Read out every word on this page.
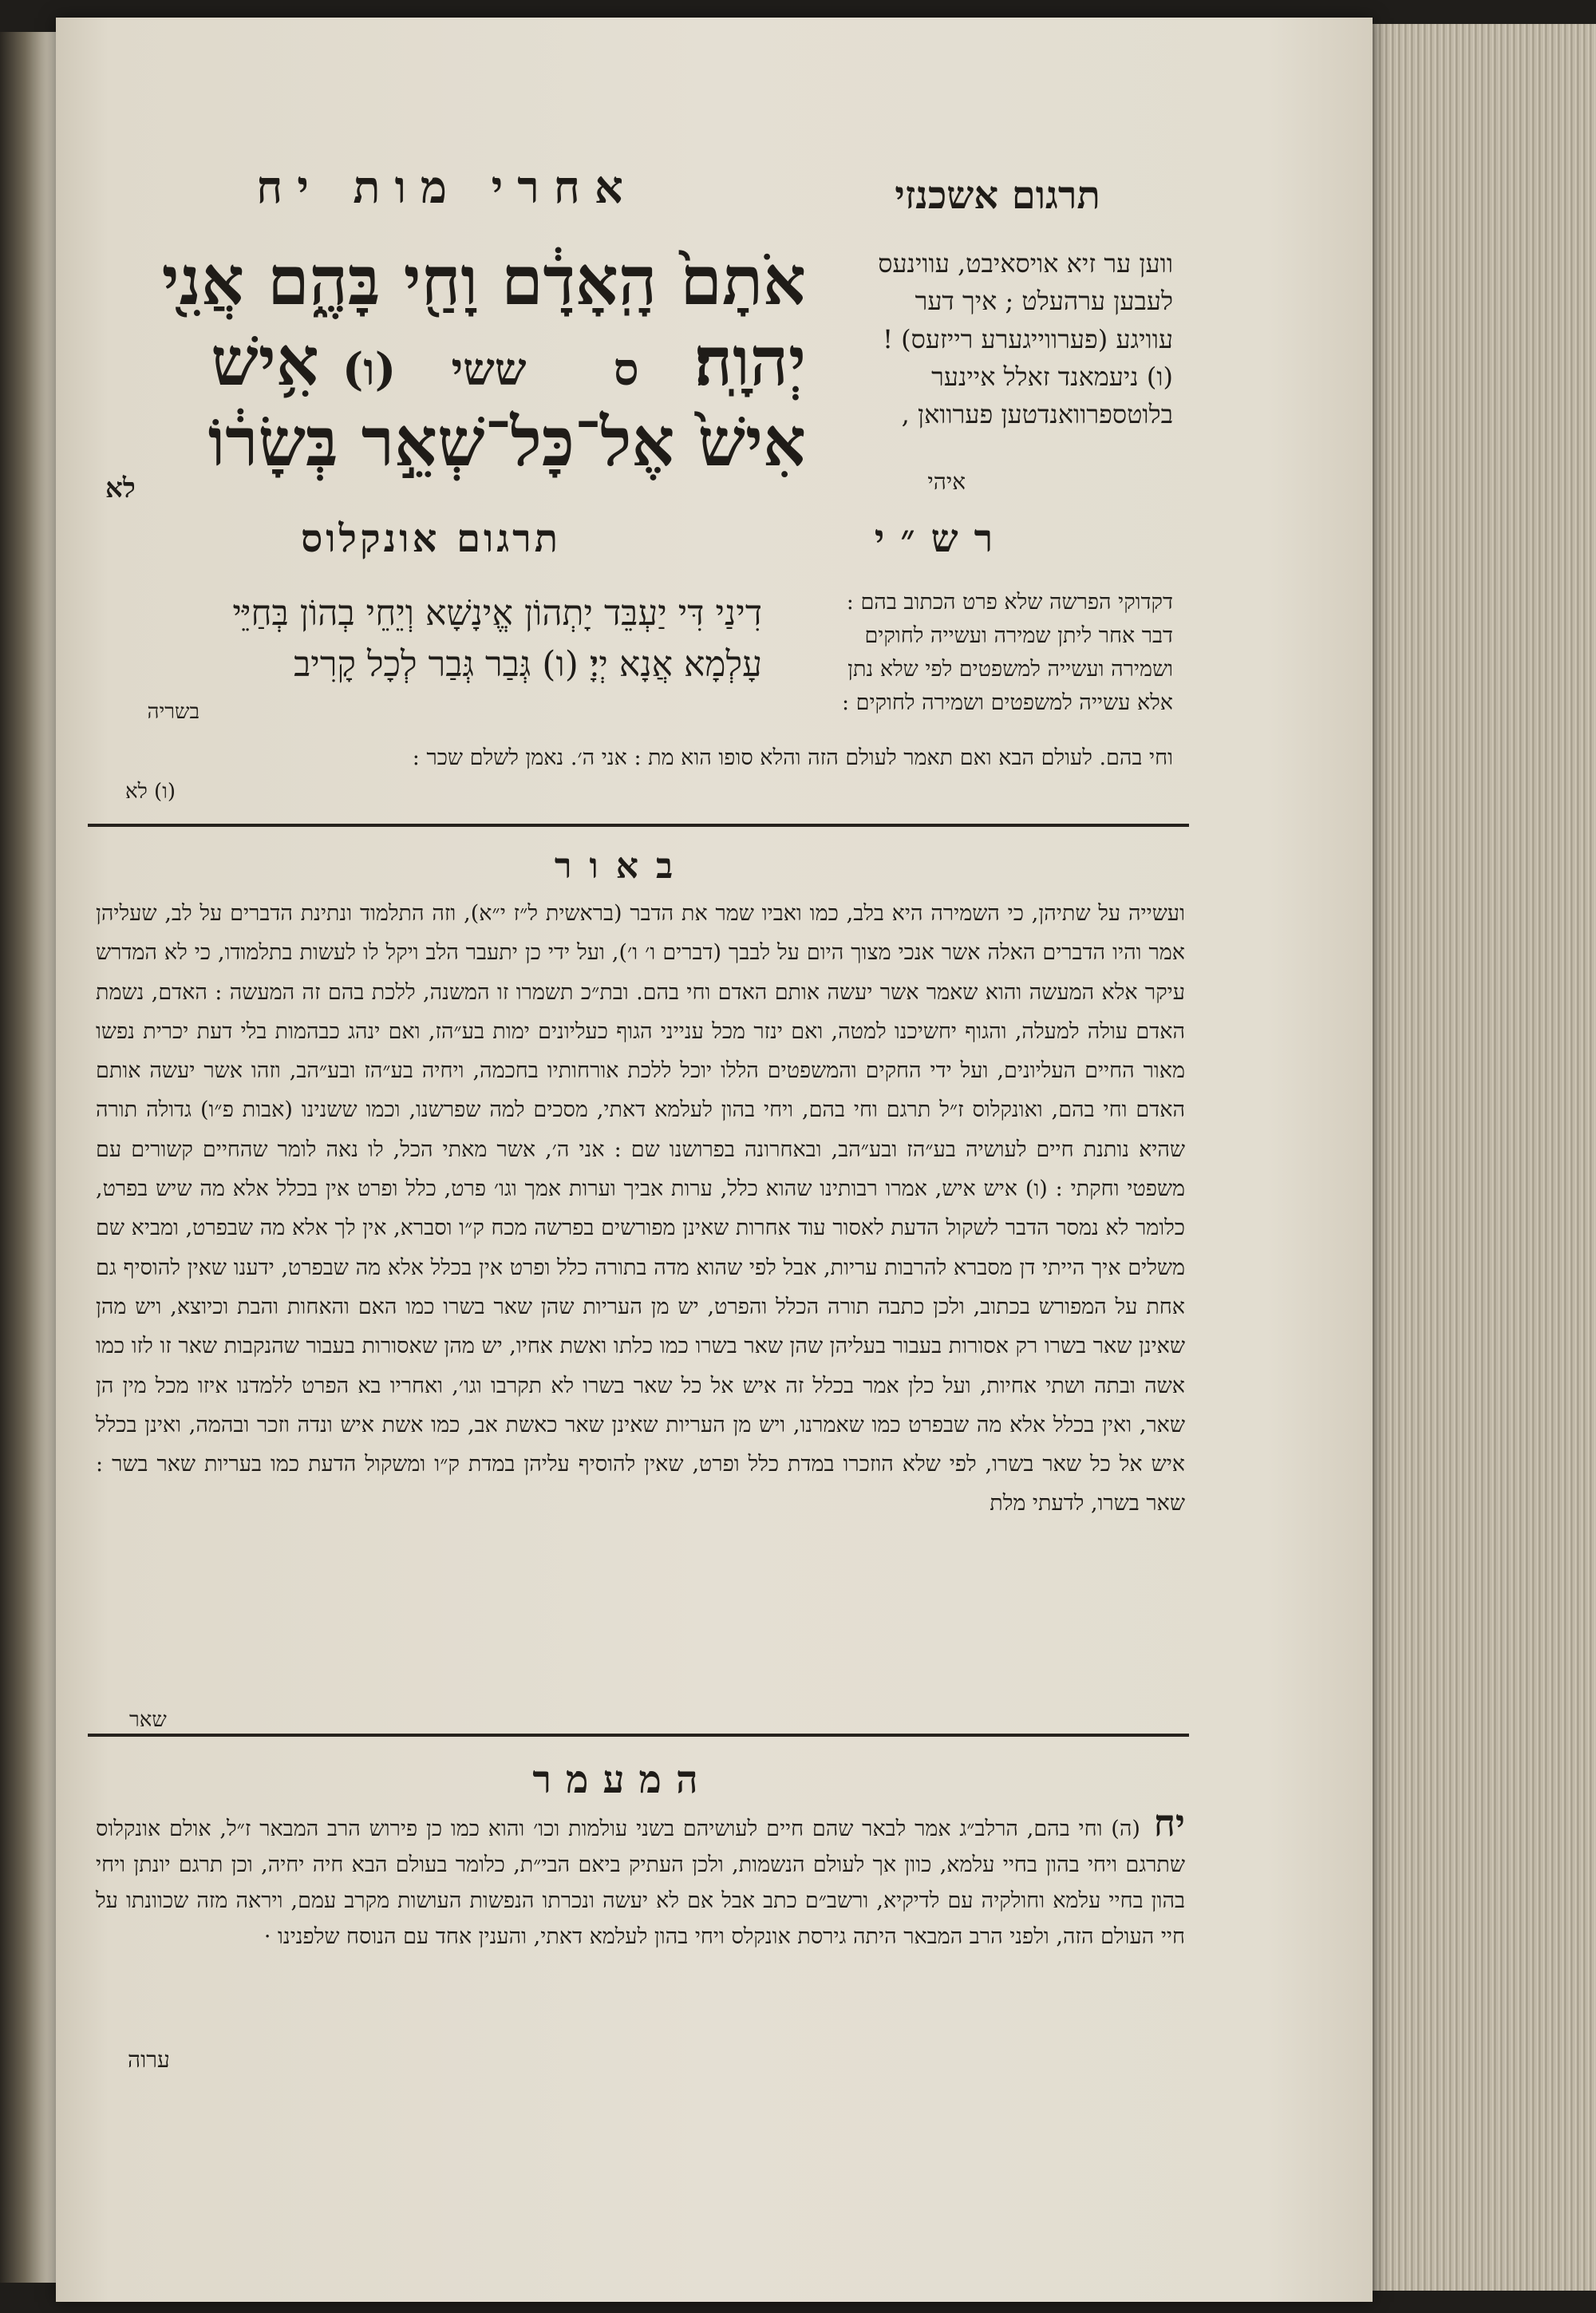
אחרי מות יח	תרגום אשכנזי
אֹתָם֙ הָֽאָדָ֔ם וָחַ֖י בָּהֶ֑ם אֲנִ֖י
יְהוָֽה׃ ס ששי (ו) אִ֥ישׁ
אִישׁ֙ אֶל־כָּל־שְׁאֵ֣ר בְּשָׂר֔וֹ
לא
ווען ער זיא אויסאיבט, עווינעס
לעבען ערהעלט ; איך דער
עוויגע (פערווייגערע רייזעס) !
(ו) ניעמאנד זאלל איינער
בלוטספרוואנדטען פערוואן ,
איהי
תרגום אונקלוס	רש״י
דִינַי דִּי יַעְבֵּד יָתְהוֹן אֱינָשָׁא וְיֵחֵי בְהוֹן בְּחַיֵּי
עָלְמָא אֲנָא יְיָ׃ (ו) גְּבַר גְּבַר לְכָל קָרִיב
בשריה
דקדוקי הפרשה שלא פרט הכתוב בהם :
דבר אחר ליתן שמירה ועשייה לחוקים
ושמירה ועשייה למשפטים לפי שלא נתן
אלא עשייה למשפטים ושמירה לחוקים :
וחי בהם. לעולם הבא ואם תאמר לעולם הזה והלא סופו הוא מת : אני ה׳. נאמן לשלם שכר :
(ו) לא
באור
ועשייה על שתיהן, כי השמירה היא בלב, כמו ואביו שמר את הדבר (בראשית ל״ז י״א), וזה התלמוד ונתינת הדברים על לב, שעליהן אמר והיו הדברים האלה אשר אנכי מצוך היום על לבבך (דברים ו׳ ו׳), ועל ידי כן יתעבר הלב ויקל לו לעשות בתלמודו, כי לא המדרש עיקר אלא המעשה והוא שאמר אשר יעשה אותם האדם וחי בהם. ובת״כ תשמרו זו המשנה, ללכת בהם זה המעשה : האדם, נשמת האדם עולה למעלה, והגוף יחשיכנו למטה, ואם ינזר מכל ענייני הגוף כעליונים ימות בע״הז, ואם ינהג כבהמות בלי דעת יכרית נפשו מאור החיים העליונים, ועל ידי החקים והמשפטים הללו יוכל ללכת אורחותיו בחכמה, ויחיה בע״הז ובע״הב, וזהו אשר יעשה אותם האדם וחי בהם, ואונקלוס ז״ל תרגם וחי בהם, ויחי בהון לעלמא דאתי, מסכים למה שפרשנו, וכמו ששנינו (אבות פ״ו) גדולה תורה שהיא נותנת חיים לעושיה בע״הז ובע״הב, ובאחרונה בפרושנו שם : אני ה׳, אשר מאתי הכל, לו נאה לומר שהחיים קשורים עם משפטי וחקתי : (ו) איש איש, אמרו רבותינו שהוא כלל, ערות אביך וערות אמך וגו׳ פרט, כלל ופרט אין בכלל אלא מה שיש בפרט, כלומר לא נמסר הדבר לשקול הדעת לאסור עוד אחרות שאינן מפורשים בפרשה מכח ק״ו וסברא, אין לך אלא מה שבפרט, ומביא שם משלים איך הייתי דן מסברא להרבות עריות, אבל לפי שהוא מדה בתורה כלל ופרט אין בכלל אלא מה שבפרט, ידענו שאין להוסיף גם אחת על המפורש בכתוב, ולכן כתבה תורה הכלל והפרט, יש מן העריות שהן שאר בשרו כמו האם והאחות והבת וכיוצא, ויש מהן שאינן שאר בשרו רק אסורות בעבור בעליהן שהן שאר בשרו כמו כלתו ואשת אחיו, יש מהן שאסורות בעבור שהנקבות שאר זו לזו כמו אשה ובתה ושתי אחיות, ועל כלן אמר בכלל זה איש אל כל שאר בשרו לא תקרבו וגו׳, ואחריו בא הפרט ללמדנו איזו מכל מין הן שאר, ואין בכלל אלא מה שבפרט כמו שאמרנו, ויש מן העריות שאינן שאר כאשת אב, כמו אשת איש ונדה וזכר ובהמה, ואינן בכלל איש אל כל שאר בשרו, לפי שלא הוזכרו במדת כלל ופרט, שאין להוסיף עליהן במדת ק״ו ומשקול הדעת כמו בעריות שאר בשר : שאר בשרו, לדעתי מלת
שאר
המעמר
יח (ה) וחי בהם, הרלב״ג אמר לבאר שהם חיים לעושיהם בשני עולמות וכו׳ והוא כמו כן פירוש הרב המבאר ז״ל, אולם אונקלוס שתרגם ויחי בהון בחיי עלמא, כוון אך לעולם הנשמות, ולכן העתיק ביאם הבי״ת, כלומר בעולם הבא חיה יחיה, וכן תרגם יונתן ויחי בהון בחיי עלמא וחולקיה עם לדיקיא, ורשב״ם כתב אבל אם לא יעשה ונכרתו הנפשות העושות מקרב עמם, ויראה מזה שכוונתו על חיי העולם הזה, ולפני הרב המבאר היתה גירסת אונקלס ויחי בהון לעלמא דאתי, והענין אחד עם הנוסח שלפנינו ·
ערוה
